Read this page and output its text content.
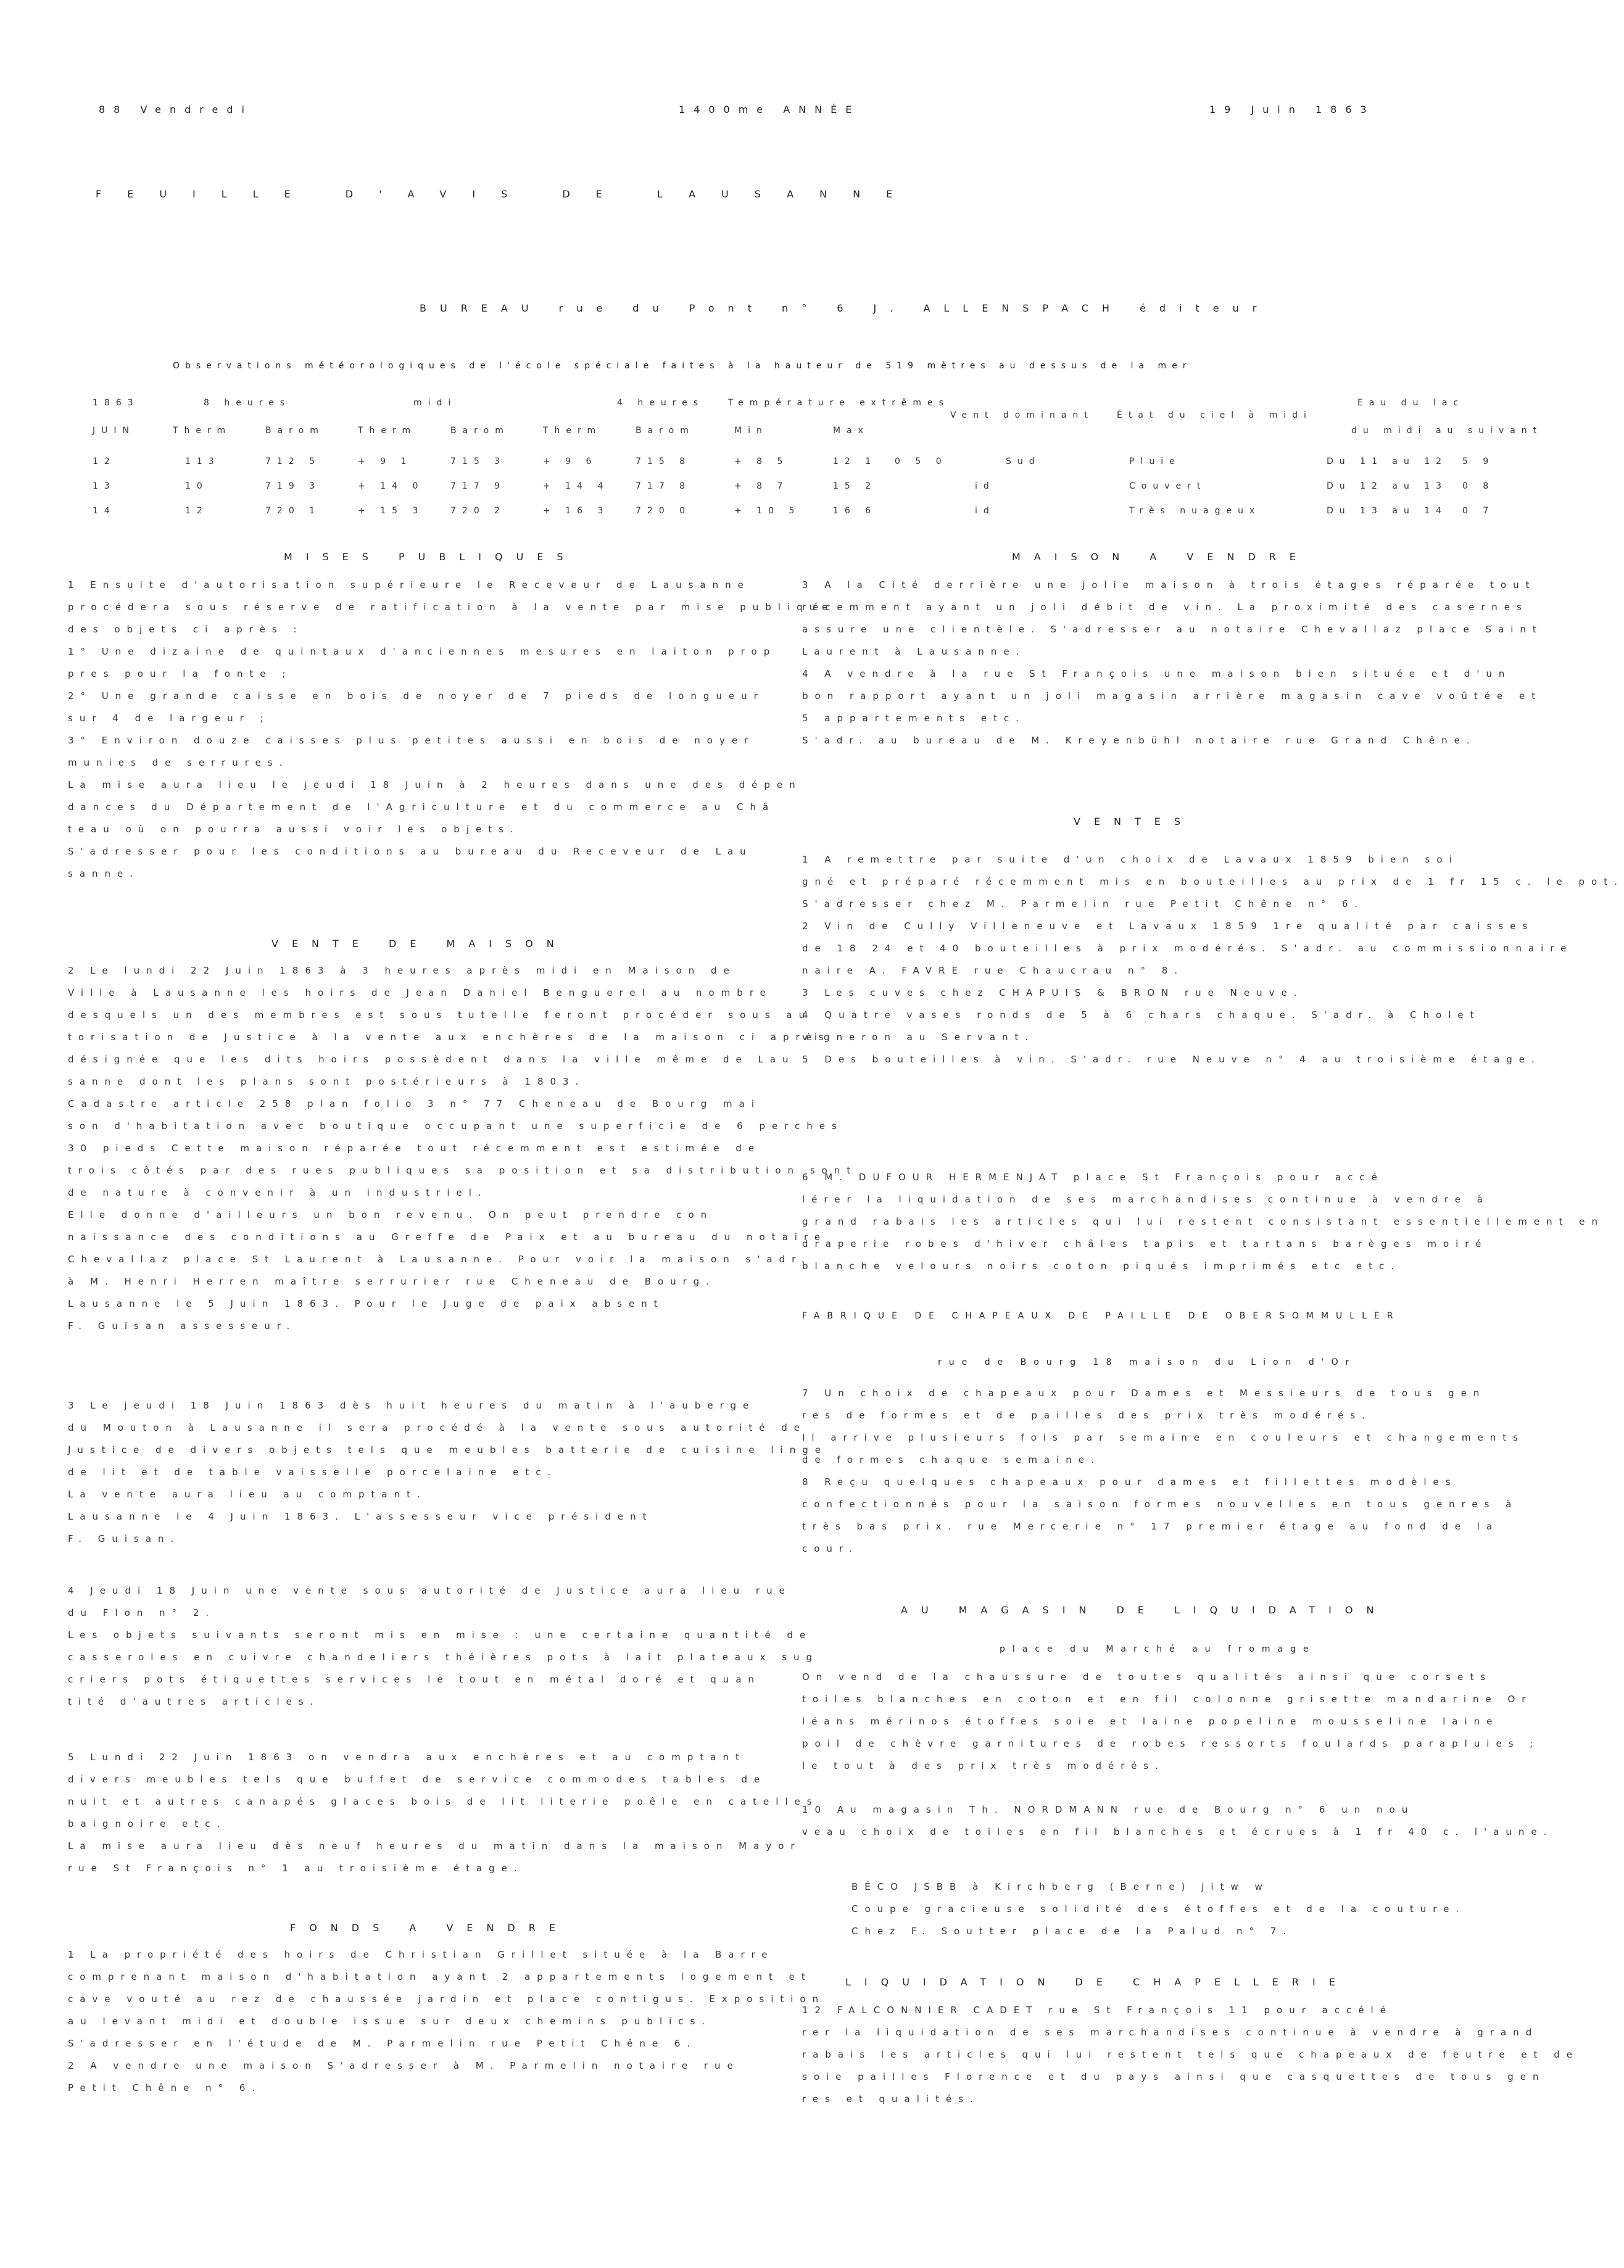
88 Vendredi	1400me ANNÉE	19 Juin 1863
FEUILLE D'AVIS DE LAUSANNE
BUREAU rue du Pont n° 6 J. ALLENSPACH éditeur
Observations météorologiques de l'école spéciale faites à la hauteur de 519 mètres au dessus de la mer
1863	8 heures	midi	4 heures	Température extrêmes
Vent dominant	État du ciel à midi
Eau du lac
JUIN	Therm	Barom	Therm	Barom	Therm	Barom	Min	Max	du midi au suivant
12	113	712 5	+ 9 1	715 3	+ 9 6	715 8	+ 8 5	12 1 0 5 0	Sud	Pluie	Du 11 au 12 5 9
13	10	719 3	+ 14 0	717 9	+ 14 4	717 8	+ 8 7	15 2	id	Couvert	Du 12 au 13 0 8
14	12	720 1	+ 15 3	720 2	+ 16 3	720 0	+ 10 5	16 6	id	Très nuageux	Du 13 au 14 0 7
MISES PUBLIQUES
1 Ensuite d'autorisation supérieure le Receveur de Lausanne
procédera sous réserve de ratification à la vente par mise publique
des objets ci après :
1° Une dizaine de quintaux d'anciennes mesures en laiton prop
pres pour la fonte ;
2° Une grande caisse en bois de noyer de 7 pieds de longueur
sur 4 de largeur ;
3° Environ douze caisses plus petites aussi en bois de noyer
munies de serrures.
La mise aura lieu le jeudi 18 Juin à 2 heures dans une des dépen
dances du Département de l'Agriculture et du commerce au Châ
teau où on pourra aussi voir les objets.
S'adresser pour les conditions au bureau du Receveur de Lau
sanne.
VENTE DE MAISON
2 Le lundi 22 Juin 1863 à 3 heures après midi en Maison de
Ville à Lausanne les hoirs de Jean Daniel Benguerel au nombre
desquels un des membres est sous tutelle feront procéder sous au
torisation de Justice à la vente aux enchères de la maison ci après
désignée que les dits hoirs possèdent dans la ville même de Lau
sanne dont les plans sont postérieurs à 1803.
Cadastre article 258 plan folio 3 n° 77 Cheneau de Bourg mai
son d'habitation avec boutique occupant une superficie de 6 perches
30 pieds Cette maison réparée tout récemment est estimée de
trois côtés par des rues publiques sa position et sa distribution sont
de nature à convenir à un industriel.
Elle donne d'ailleurs un bon revenu. On peut prendre con
naissance des conditions au Greffe de Paix et au bureau du notaire
Chevallaz place St Laurent à Lausanne. Pour voir la maison s'adr.
à M. Henri Herren maître serrurier rue Cheneau de Bourg.
Lausanne le 5 Juin 1863. Pour le Juge de paix absent
F. Guisan assesseur.
3 Le jeudi 18 Juin 1863 dès huit heures du matin à l'auberge
du Mouton à Lausanne il sera procédé à la vente sous autorité de
Justice de divers objets tels que meubles batterie de cuisine linge
de lit et de table vaisselle porcelaine etc.
La vente aura lieu au comptant.
Lausanne le 4 Juin 1863. L'assesseur vice président
F. Guisan.
4 Jeudi 18 Juin une vente sous autorité de Justice aura lieu rue
du Flon n° 2.
Les objets suivants seront mis en mise : une certaine quantité de
casseroles en cuivre chandeliers théières pots à lait plateaux sug
criers pots étiquettes services le tout en métal doré et quan
tité d'autres articles.
5 Lundi 22 Juin 1863 on vendra aux enchères et au comptant
divers meubles tels que buffet de service commodes tables de
nuit et autres canapés glaces bois de lit literie poêle en catelles
baignoire etc.
La mise aura lieu dès neuf heures du matin dans la maison Mayor
rue St François n° 1 au troisième étage.
FONDS A VENDRE
1 La propriété des hoirs de Christian Grillet située à la Barre
comprenant maison d'habitation ayant 2 appartements logement et
cave vouté au rez de chaussée jardin et place contigus. Exposition
au levant midi et double issue sur deux chemins publics.
S'adresser en l'étude de M. Parmelin rue Petit Chêne 6.
2 A vendre une maison S'adresser à M. Parmelin notaire rue
Petit Chêne n° 6.
MAISON A VENDRE
3 A la Cité derrière une jolie maison à trois étages réparée tout
récemment ayant un joli débit de vin. La proximité des casernes
assure une clientèle. S'adresser au notaire Chevallaz place Saint
Laurent à Lausanne.
4 A vendre à la rue St François une maison bien située et d'un
bon rapport ayant un joli magasin arrière magasin cave voûtée et
5 appartements etc.
S'adr. au bureau de M. Kreyenbühl notaire rue Grand Chêne.
VENTES
1 A remettre par suite d'un choix de Lavaux 1859 bien soi
gné et préparé récemment mis en bouteilles au prix de 1 fr 15 c. le pot.
S'adresser chez M. Parmelin rue Petit Chêne n° 6.
2 Vin de Cully Villeneuve et Lavaux 1859 1re qualité par caisses
de 18 24 et 40 bouteilles à prix modérés. S'adr. au commissionnaire
naire A. FAVRE rue Chaucrau n° 8.
3 Les cuves chez CHAPUIS & BRON rue Neuve.
4 Quatre vases ronds de 5 à 6 chars chaque. S'adr. à Cholet
vigneron au Servant.
5 Des bouteilles à vin. S'adr. rue Neuve n° 4 au troisième étage.
6 M. DUFOUR HERMENJAT place St François pour accé
lérer la liquidation de ses marchandises continue à vendre à
grand rabais les articles qui lui restent consistant essentiellement en
draperie robes d'hiver châles tapis et tartans barèges moiré
blanche velours noirs coton piqués imprimés etc etc.
FABRIQUE DE CHAPEAUX DE PAILLE DE OBERSOMMULLER
rue de Bourg 18 maison du Lion d'Or
7 Un choix de chapeaux pour Dames et Messieurs de tous gen
res de formes et de pailles des prix très modérés.
Il arrive plusieurs fois par semaine en couleurs et changements
de formes chaque semaine.
8 Reçu quelques chapeaux pour dames et fillettes modèles
confectionnés pour la saison formes nouvelles en tous genres à
très bas prix. rue Mercerie n° 17 premier étage au fond de la
cour.
AU MAGASIN DE LIQUIDATION
place du Marché au fromage
On vend de la chaussure de toutes qualités ainsi que corsets
toiles blanches en coton et en fil colonne grisette mandarine Or
léans mérinos étoffes soie et laine popeline mousseline laine
poil de chèvre garnitures de robes ressorts foulards parapluies ;
le tout à des prix très modérés.
10 Au magasin Th. NORDMANN rue de Bourg n° 6 un nou
veau choix de toiles en fil blanches et écrues à 1 fr 40 c. l'aune.
BÉCO JSBB à Kirchberg (Berne) jitw w
Coupe gracieuse solidité des étoffes et de la couture.
Chez F. Soutter place de la Palud n° 7.
LIQUIDATION DE CHAPELLERIE
12 FALCONNIER CADET rue St François 11 pour accélé
rer la liquidation de ses marchandises continue à vendre à grand
rabais les articles qui lui restent tels que chapeaux de feutre et de
soie pailles Florence et du pays ainsi que casquettes de tous gen
res et qualités.
